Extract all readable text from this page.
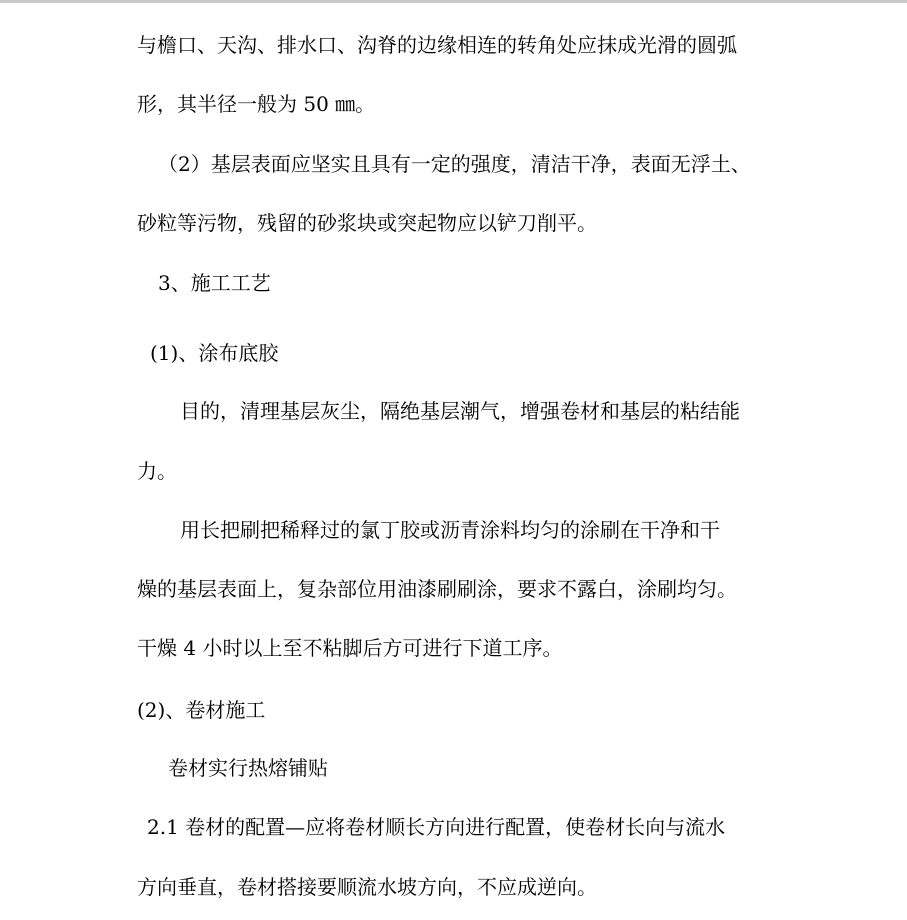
与檐口、天沟、排水口、沟脊的边缘相连的转角处应抹成光滑的圆弧

形，其半径一般为 50 ㎜。

（2）基层表面应坚实且具有一定的强度，清洁干净，表面无浮土、

砂粒等污物，残留的砂浆块或突起物应以铲刀削平。

3、施工工艺

(1)、涂布底胶

目的，清理基层灰尘，隔绝基层潮气，增强卷材和基层的粘结能

力。

用长把刷把稀释过的氯丁胶或沥青涂料均匀的涂刷在干净和干

燥的基层表面上，复杂部位用油漆刷刷涂，要求不露白，涂刷均匀。

干燥 4 小时以上至不粘脚后方可进行下道工序。

(2)、卷材施工

卷材实行热熔铺贴

2.1 卷材的配置—应将卷材顺长方向进行配置，使卷材长向与流水

方向垂直，卷材搭接要顺流水坡方向，不应成逆向。
